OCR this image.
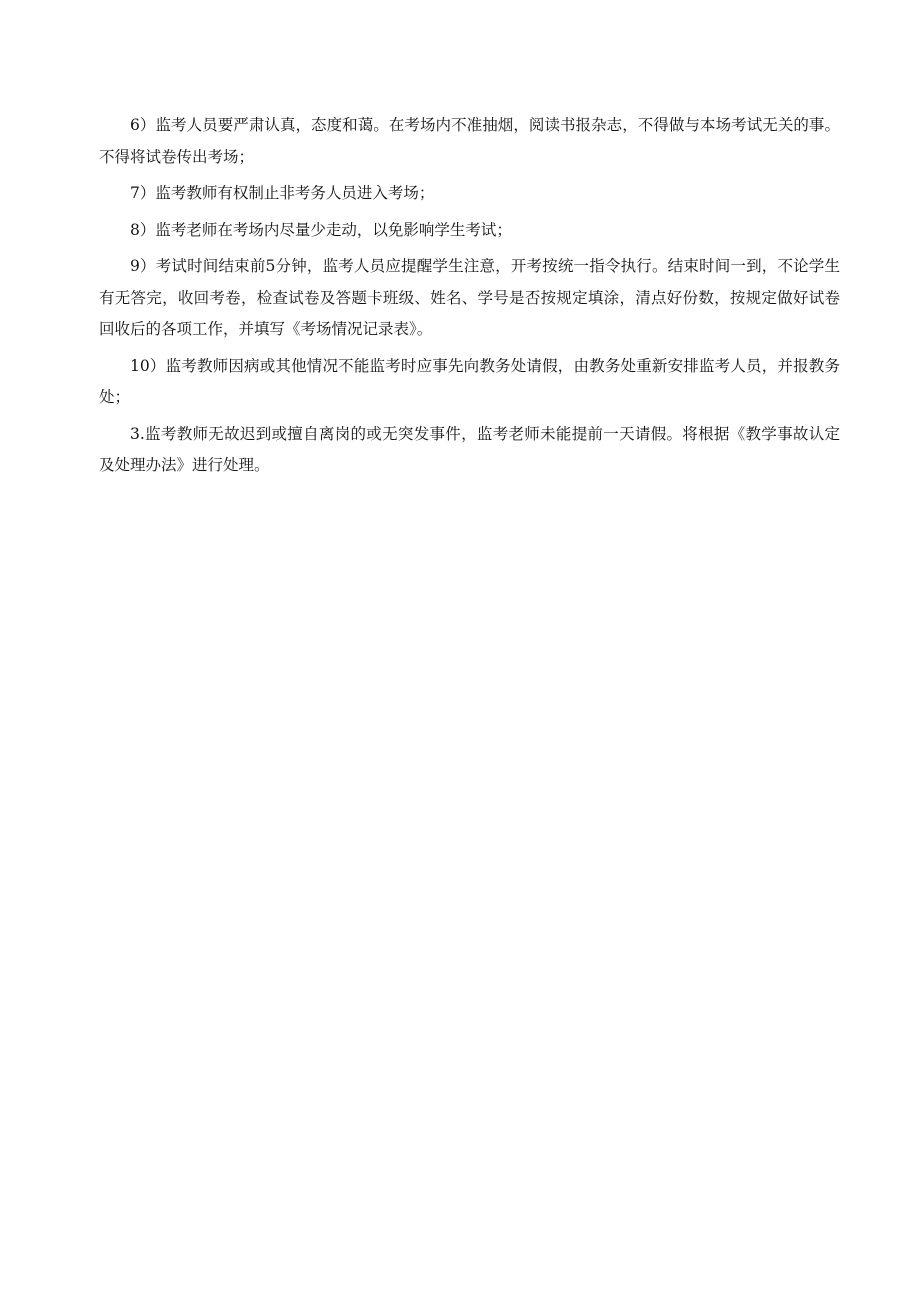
6）监考人员要严肃认真，态度和蔼。在考场内不准抽烟，阅读书报杂志，不得做与本场考试无关的事。不得将试卷传出考场；

7）监考教师有权制止非考务人员进入考场；

8）监考老师在考场内尽量少走动，以免影响学生考试；

9）考试时间结束前5分钟，监考人员应提醒学生注意，开考按统一指令执行。结束时间一到，不论学生有无答完，收回考卷，检查试卷及答题卡班级、姓名、学号是否按规定填涂，清点好份数，按规定做好试卷回收后的各项工作，并填写《考场情况记录表》。

10）监考教师因病或其他情况不能监考时应事先向教务处请假，由教务处重新安排监考人员，并报教务处；

3.监考教师无故迟到或擅自离岗的或无突发事件，监考老师未能提前一天请假。将根据《教学事故认定及处理办法》进行处理。
